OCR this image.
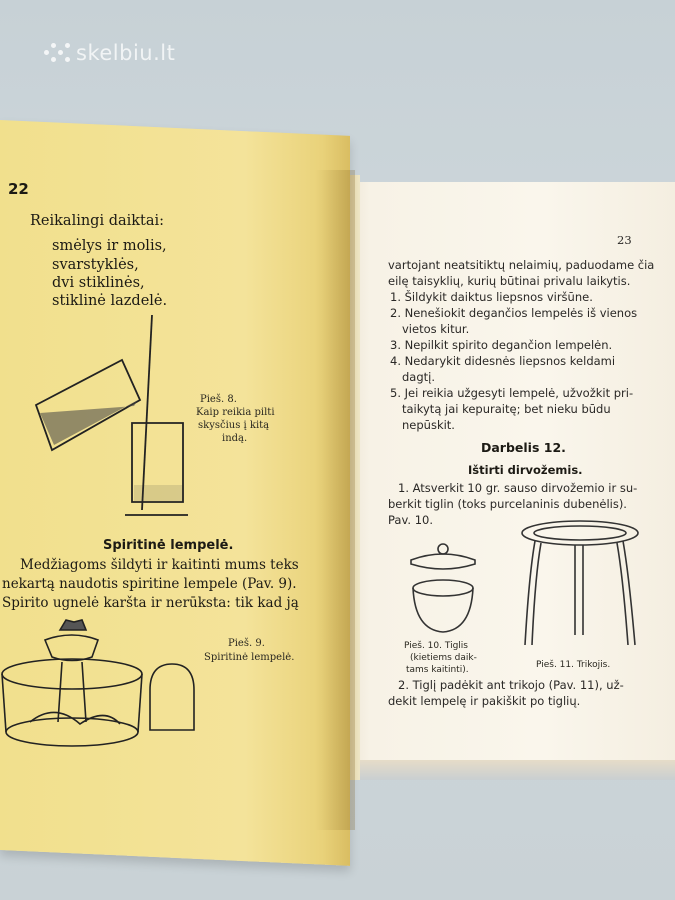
skelbiu.lt
22
Reikalingi daiktai:
smėlys ir molis,
svarstyklės,
dvi stiklinės,
stiklinė lazdelė.
Pieš. 8.
Kaip reikia pilti
skysčius į kitą
indą.
Spiritinė lempelė.
Medžiagoms šildyti ir kaitinti mums teks
nekartą naudotis spiritine lempele (Pav. 9).
Spirito ugnelė karšta ir nerūksta: tik kad ją
Pieš. 9.
Spiritinė lempelė.
23
vartojant neatsitiktų nelaimių, paduodame čia
eilę taisyklių, kurių būtinai privalu laikytis.
1. Šildykit daiktus liepsnos viršūne.
2. Nenešiokit degančios lempelės iš vienos
vietos kitur.
3. Nepilkit spirito degančion lempelėn.
4. Nedarykit didesnės liepsnos keldami
dagtį.
5. Jei reikia užgesyti lempelė, užvožkit pri-
taikytą jai kepuraitę; bet nieku būdu
nepūskit.
Darbelis 12.
Ištirti dirvožemis.
1. Atsverkit 10 gr. sauso dirvožemio ir su-
berkit tiglin (toks purcelaninis dubenėlis).
Pav. 10.
Pieš. 10. Tiglis
(kietiems daik-
tams kaitinti).	Pieš. 11. Trikojis.
2. Tiglį padėkit ant trikojo (Pav. 11), už-
dekit lempelę ir pakiškit po tiglių.
